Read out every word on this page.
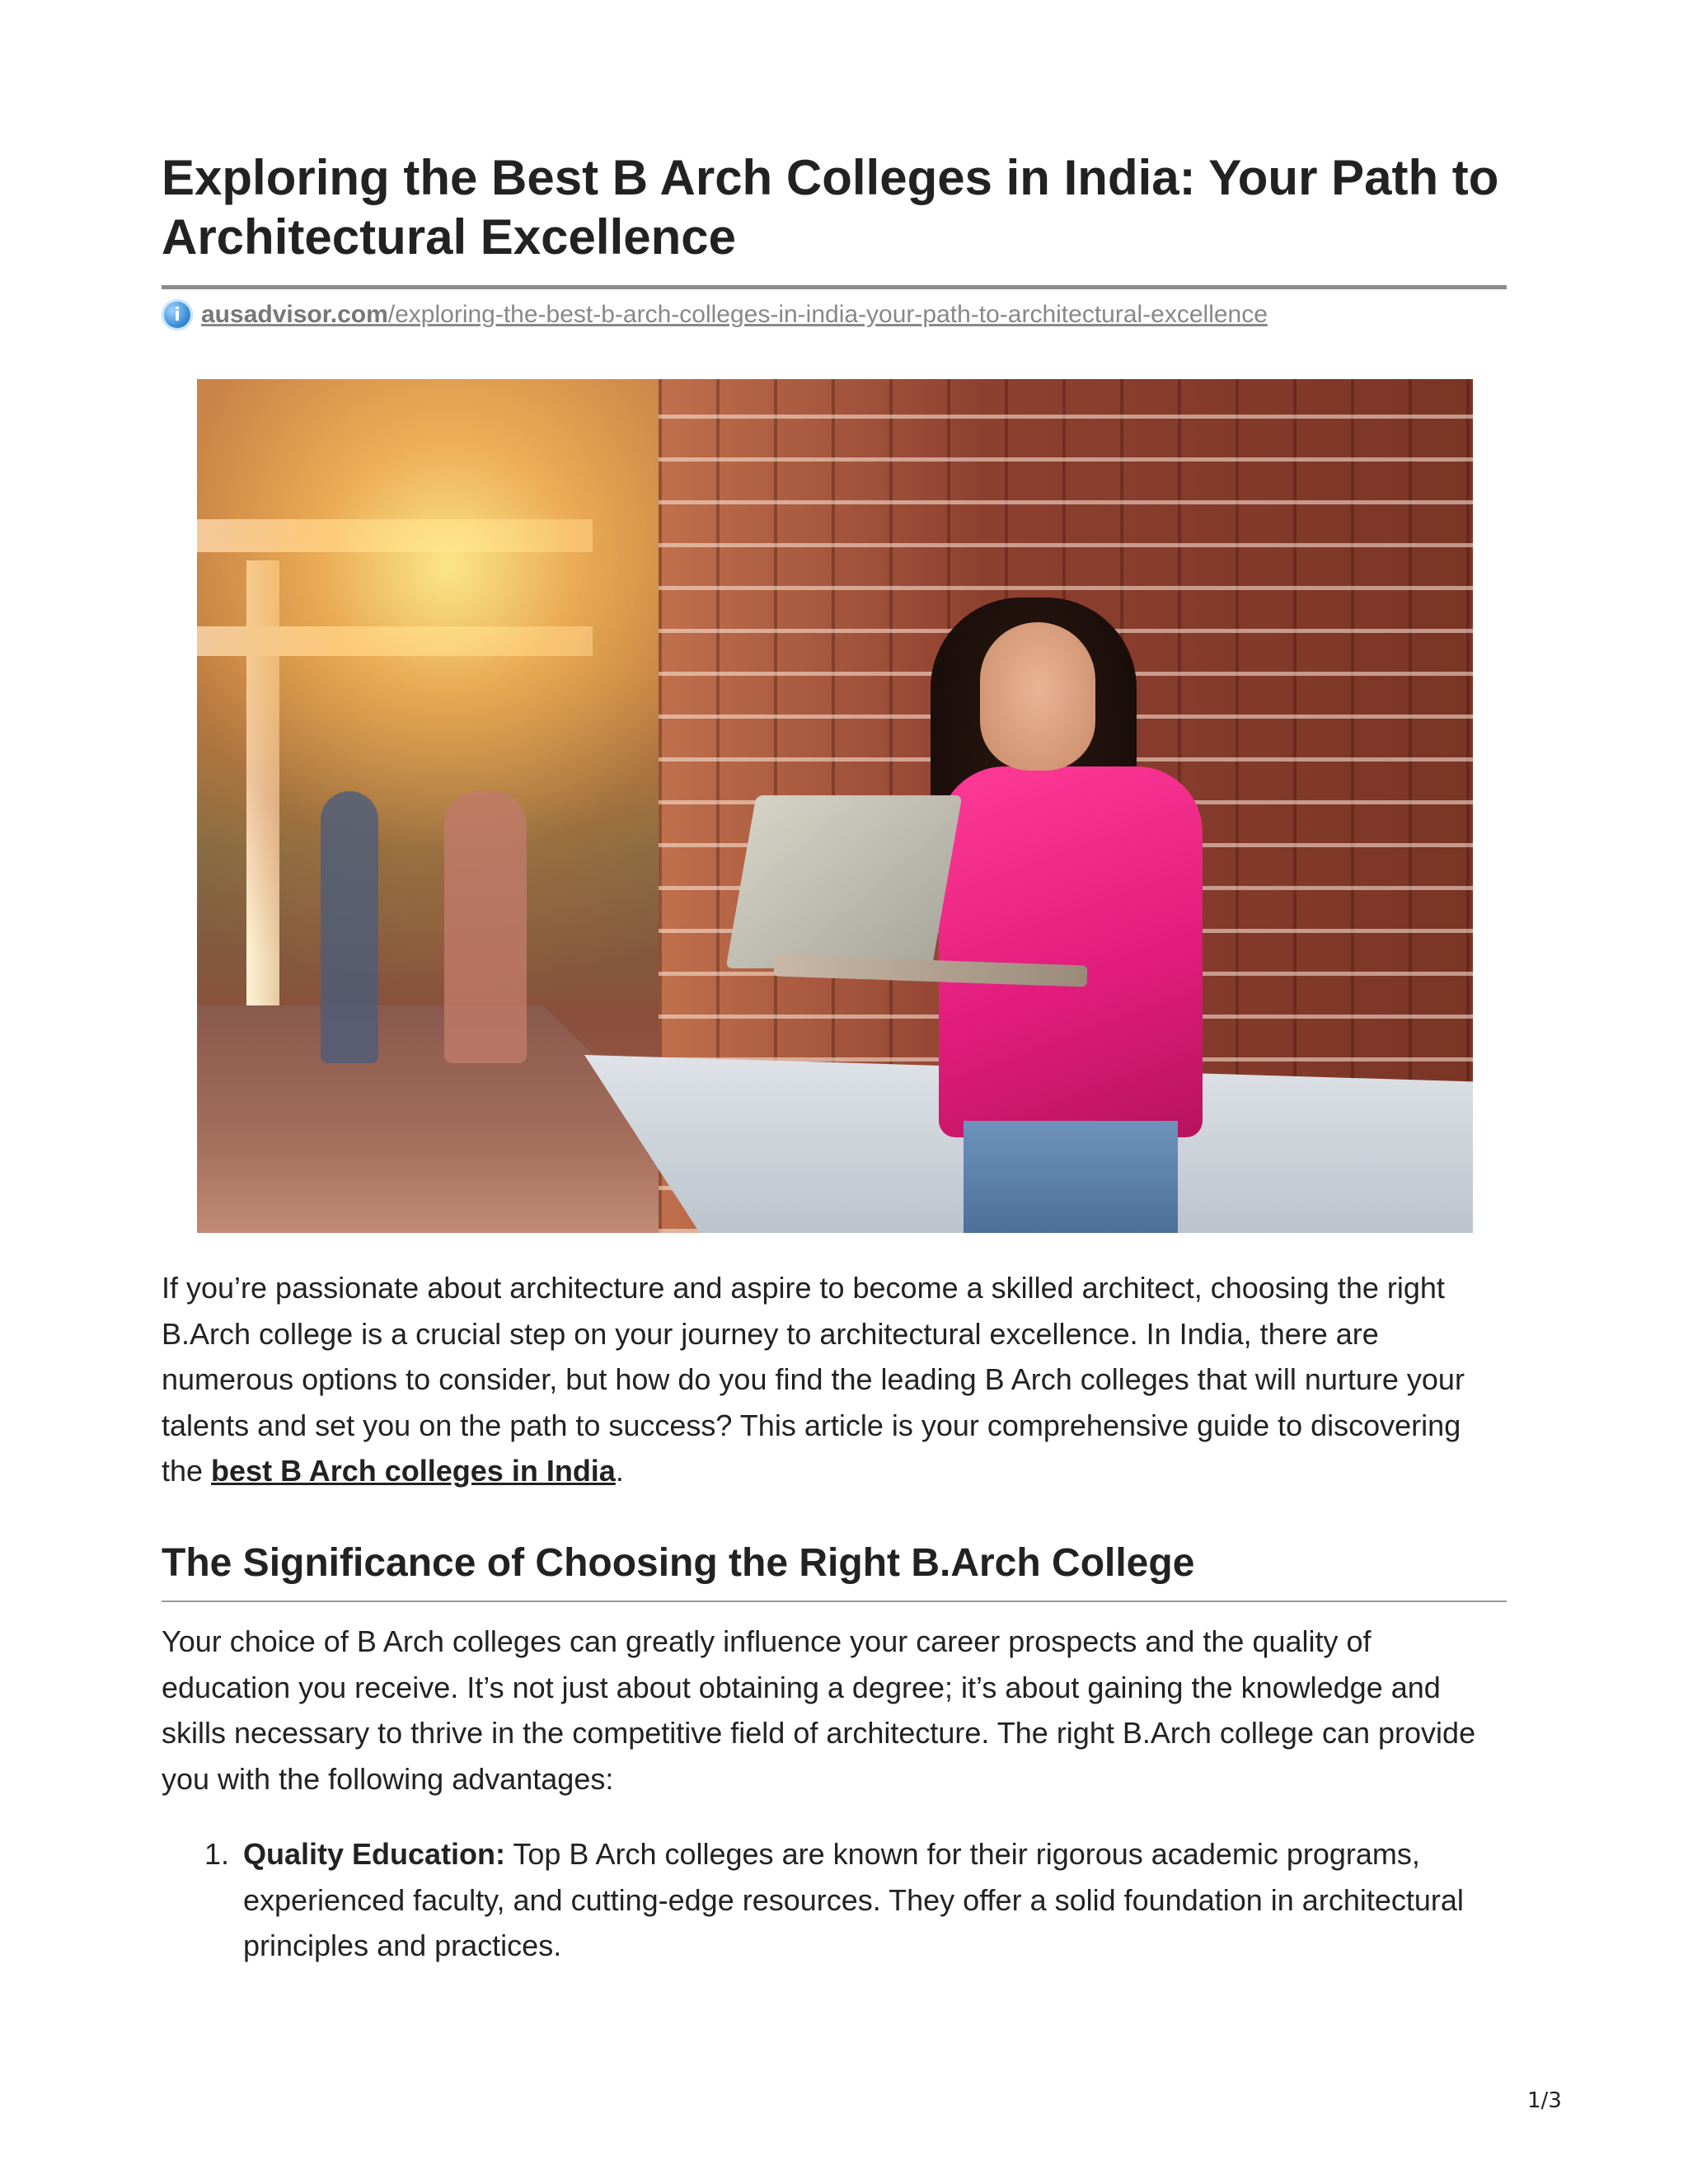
Exploring the Best B Arch Colleges in India: Your Path to Architectural Excellence
i
ausadvisor.com/exploring-the-best-b-arch-colleges-in-india-your-path-to-architectural-excellence

If you’re passionate about architecture and aspire to become a skilled architect, choosing the right B.Arch college is a crucial step on your journey to architectural excellence. In India, there are numerous options to consider, but how do you find the leading B Arch colleges that will nurture your talents and set you on the path to success? This article is your comprehensive guide to discovering the best B Arch colleges in India.

The Significance of Choosing the Right B.Arch College

Your choice of B Arch colleges can greatly influence your career prospects and the quality of education you receive. It’s not just about obtaining a degree; it’s about gaining the knowledge and skills necessary to thrive in the competitive field of architecture. The right B.Arch college can provide you with the following advantages:

1. Quality Education: Top B Arch colleges are known for their rigorous academic programs, experienced faculty, and cutting-edge resources. They offer a solid foundation in architectural principles and practices.
1/3
